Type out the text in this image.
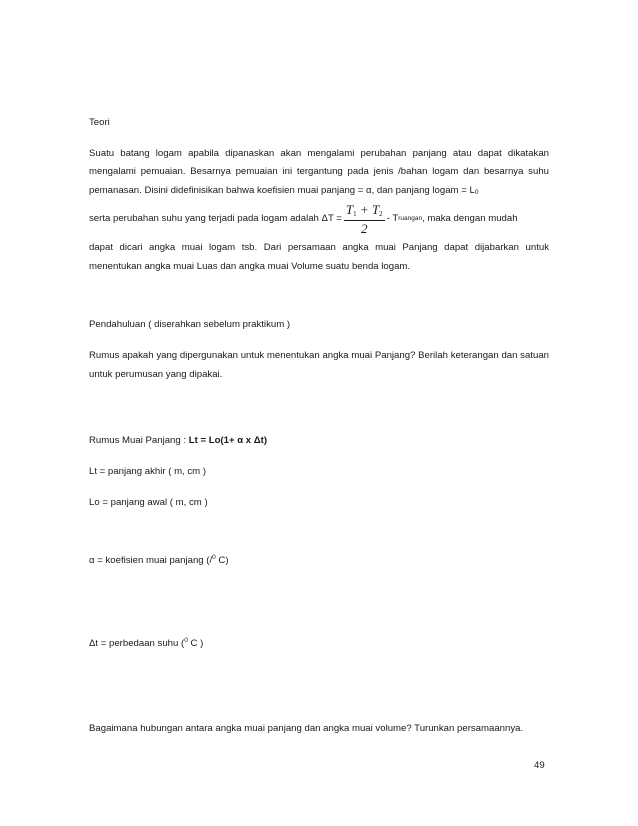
Teori

Suatu batang logam apabila dipanaskan akan mengalami perubahan panjang atau dapat dikatakan mengalami pemuaian. Besarnya pemuaian ini tergantung pada jenis /bahan logam dan besarnya suhu pemanasan. Disini didefinisikan bahwa koefisien muai panjang = α, dan panjang logam = L0

serta perubahan suhu yang terjadi pada logam adalah $\Delta T = \frac{T_1 + T_2}{2} - T$ ruangan , maka dengan mudah

dapat dicari angka muai logam tsb. Dari persamaan angka muai Panjang dapat dijabarkan untuk menentukan angka muai Luas dan angka muai Volume suatu benda logam.

Pendahuluan ( diserahkan sebelum praktikum )

Rumus apakah yang dipergunakan untuk menentukan angka muai Panjang? Berilah keterangan dan satuan untuk perumusan yang dipakai.

Rumus Muai Panjang : Lt = Lo(1+ α x Δt)

Lt = panjang akhir ( m, cm )

Lo = panjang awal ( m, cm )

α = koefisien muai panjang (/$^0$ C)

Δt = perbedaan suhu ($^0$ C )

Bagaimana hubungan antara angka muai panjang dan angka muai volume? Turunkan persamaannya.

49
